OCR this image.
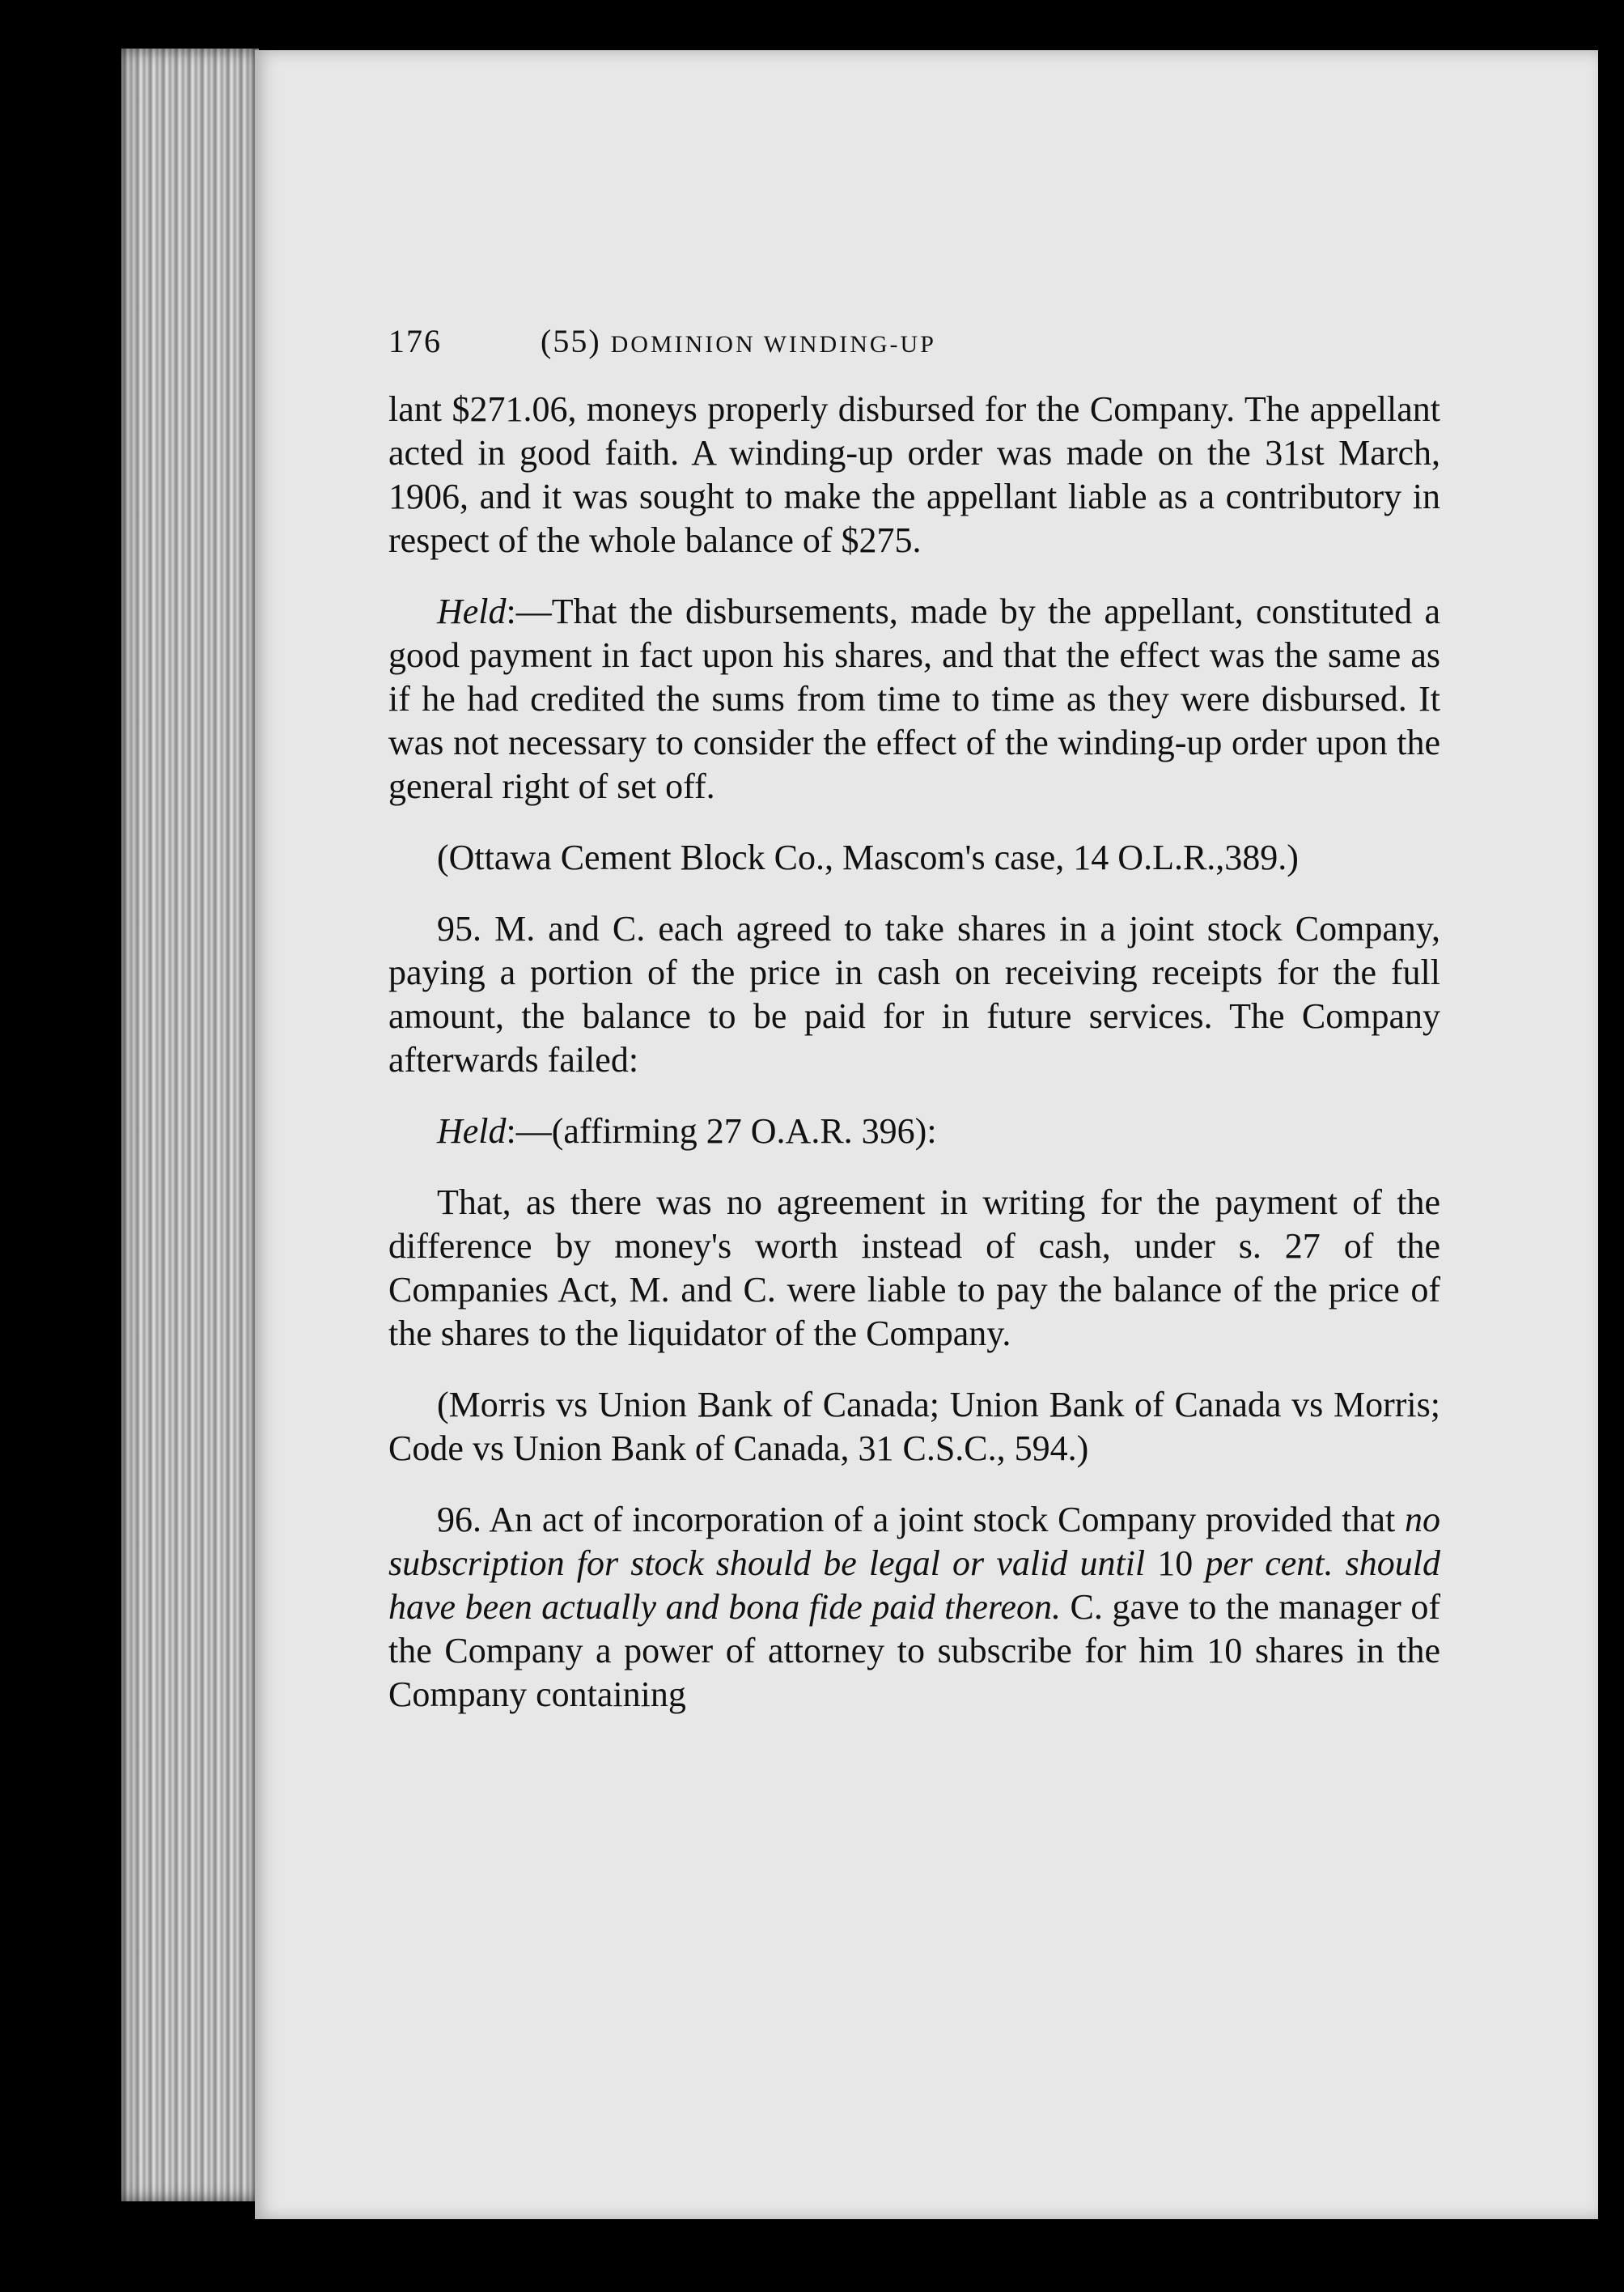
176	(55) DOMINION WINDING-UP

lant $271.06, moneys properly disbursed for the Company. The appellant acted in good faith. A winding-up order was made on the 31st March, 1906, and it was sought to make the appellant liable as a contributory in respect of the whole balance of $275.

Held:—That the disbursements, made by the appellant, constituted a good payment in fact upon his shares, and that the effect was the same as if he had credited the sums from time to time as they were disbursed. It was not necessary to consider the effect of the winding-up order upon the general right of set off.

(Ottawa Cement Block Co., Mascom's case, 14 O.L.R.,389.)

95. M. and C. each agreed to take shares in a joint stock Company, paying a portion of the price in cash on receiving receipts for the full amount, the balance to be paid for in future services. The Company afterwards failed:

Held:—(affirming 27 O.A.R. 396):

That, as there was no agreement in writing for the payment of the difference by money's worth instead of cash, under s. 27 of the Companies Act, M. and C. were liable to pay the balance of the price of the shares to the liquidator of the Company.

(Morris vs Union Bank of Canada; Union Bank of Canada vs Morris; Code vs Union Bank of Canada, 31 C.S.C., 594.)

96. An act of incorporation of a joint stock Company provided that no subscription for stock should be legal or valid until 10 per cent. should have been actually and bona fide paid thereon. C. gave to the manager of the Company a power of attorney to subscribe for him 10 shares in the Company containing
